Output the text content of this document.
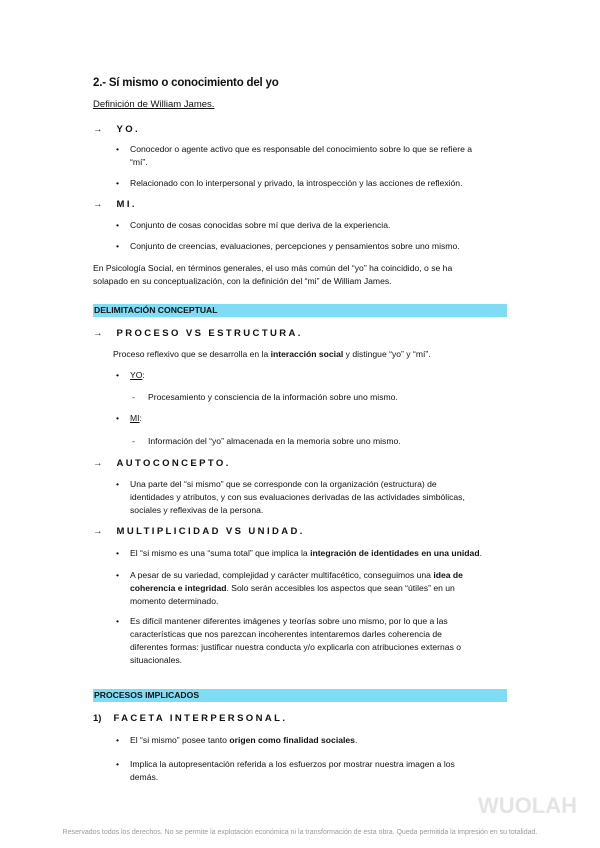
2.- Sí mismo o conocimiento del yo
Definición de William James.
→ YO.
• Conocedor o agente activo que es responsable del conocimiento sobre lo que se refiere a
“mí”.
• Relacionado con lo interpersonal y privado, la introspección y las acciones de reflexión.
→ MI.
• Conjunto de cosas conocidas sobre mí que deriva de la experiencia.
• Conjunto de creencias, evaluaciones, percepciones y pensamientos sobre uno mismo.
En Psicología Social, en términos generales, el uso más común del “yo” ha coincidido, o se ha
solapado en su conceptualización, con la definición del “mi” de William James.
DELIMITACIÓN CONCEPTUAL
→ PROCESO VS ESTRUCTURA.
Proceso reflexivo que se desarrolla en la interacción social y distingue “yo” y “mí”.
• YO:
- Procesamiento y consciencia de la información sobre uno mismo.
• MI:
- Información del “yo” almacenada en la memoria sobre uno mismo.
→ AUTOCONCEPTO.
• Una parte del “si mismo” que se corresponde con la organización (estructura) de
identidades y atributos, y con sus evaluaciones derivadas de las actividades simbólicas,
sociales y reflexivas de la persona.
→ MULTIPLICIDAD VS UNIDAD.
• El “si mismo es una “suma total” que implica la integración de identidades en una unidad.
• A pesar de su variedad, complejidad y carácter multifacético, conseguimos una idea de
coherencia e integridad. Solo serán accesibles los aspectos que sean “útiles” en un
momento determinado.
• Es difícil mantener diferentes imágenes y teorías sobre uno mismo, por lo que a las
características que nos parezcan incoherentes intentaremos darles coherencia de
diferentes formas: justificar nuestra conducta y/o explicarla con atribuciones externas o
situacionales.
PROCESOS IMPLICADOS
1) FACETA INTERPERSONAL.
• El “si mismo” posee tanto origen como finalidad sociales.
• Implica la autopresentación referida a los esfuerzos por mostrar nuestra imagen a los
demás.
WUOLAH
Reservados todos los derechos. No se permite la explotación económica ni la transformación de esta obra. Queda permitida la impresión en su totalidad.
